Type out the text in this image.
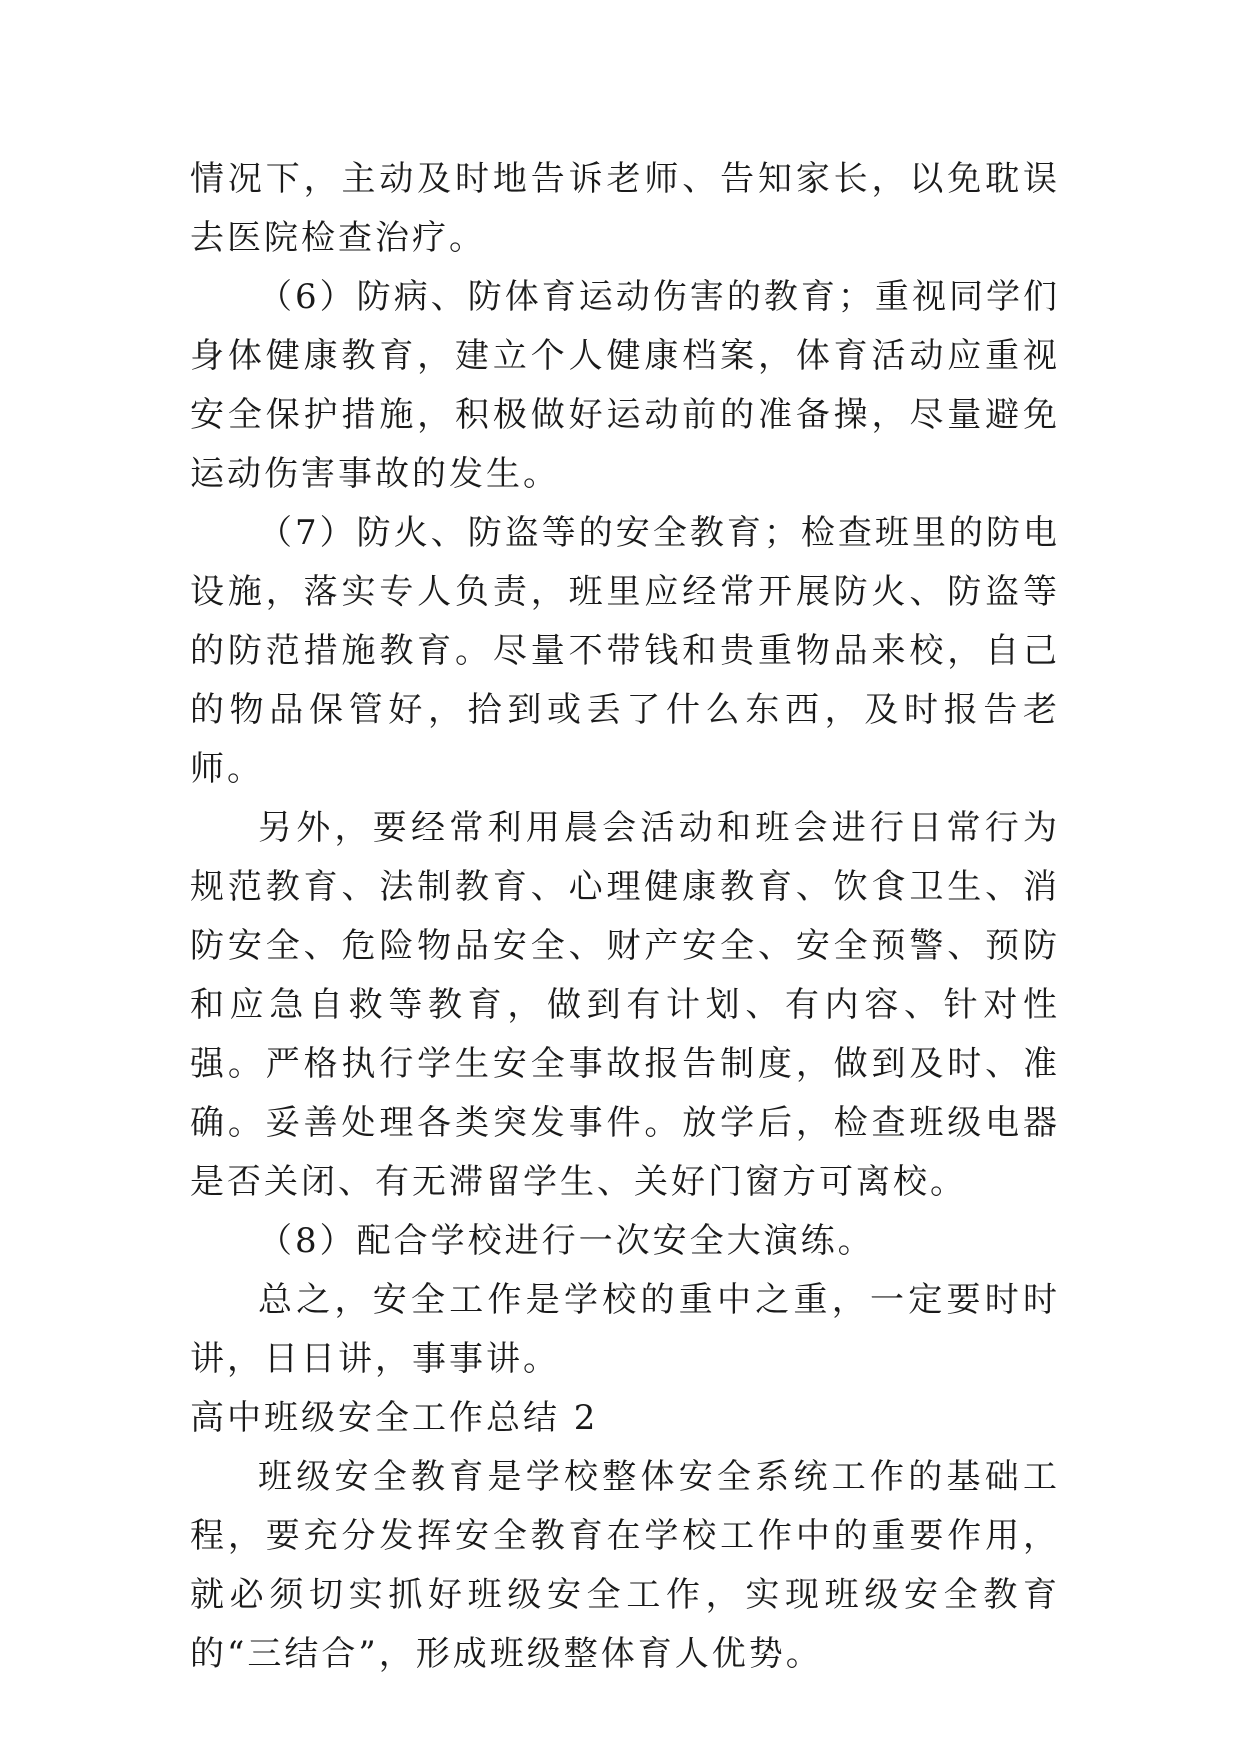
情况下，主动及时地告诉老师、告知家长，以免耽误去医院检查治疗。

（6）防病、防体育运动伤害的教育；重视同学们身体健康教育，建立个人健康档案，体育活动应重视安全保护措施，积极做好运动前的准备操，尽量避免运动伤害事故的发生。

（7）防火、防盗等的安全教育；检查班里的防电设施，落实专人负责，班里应经常开展防火、防盗等的防范措施教育。尽量不带钱和贵重物品来校，自己的物品保管好，拾到或丢了什么东西，及时报告老师。

另外，要经常利用晨会活动和班会进行日常行为规范教育、法制教育、心理健康教育、饮食卫生、消防安全、危险物品安全、财产安全、安全预警、预防和应急自救等教育，做到有计划、有内容、针对性强。严格执行学生安全事故报告制度，做到及时、准确。妥善处理各类突发事件。放学后，检查班级电器是否关闭、有无滞留学生、关好门窗方可离校。

（8）配合学校进行一次安全大演练。

总之，安全工作是学校的重中之重，一定要时时讲，日日讲，事事讲。

高中班级安全工作总结 2

班级安全教育是学校整体安全系统工作的基础工程，要充分发挥安全教育在学校工作中的重要作用，就必须切实抓好班级安全工作，实现班级安全教育的“三结合”，形成班级整体育人优势。
